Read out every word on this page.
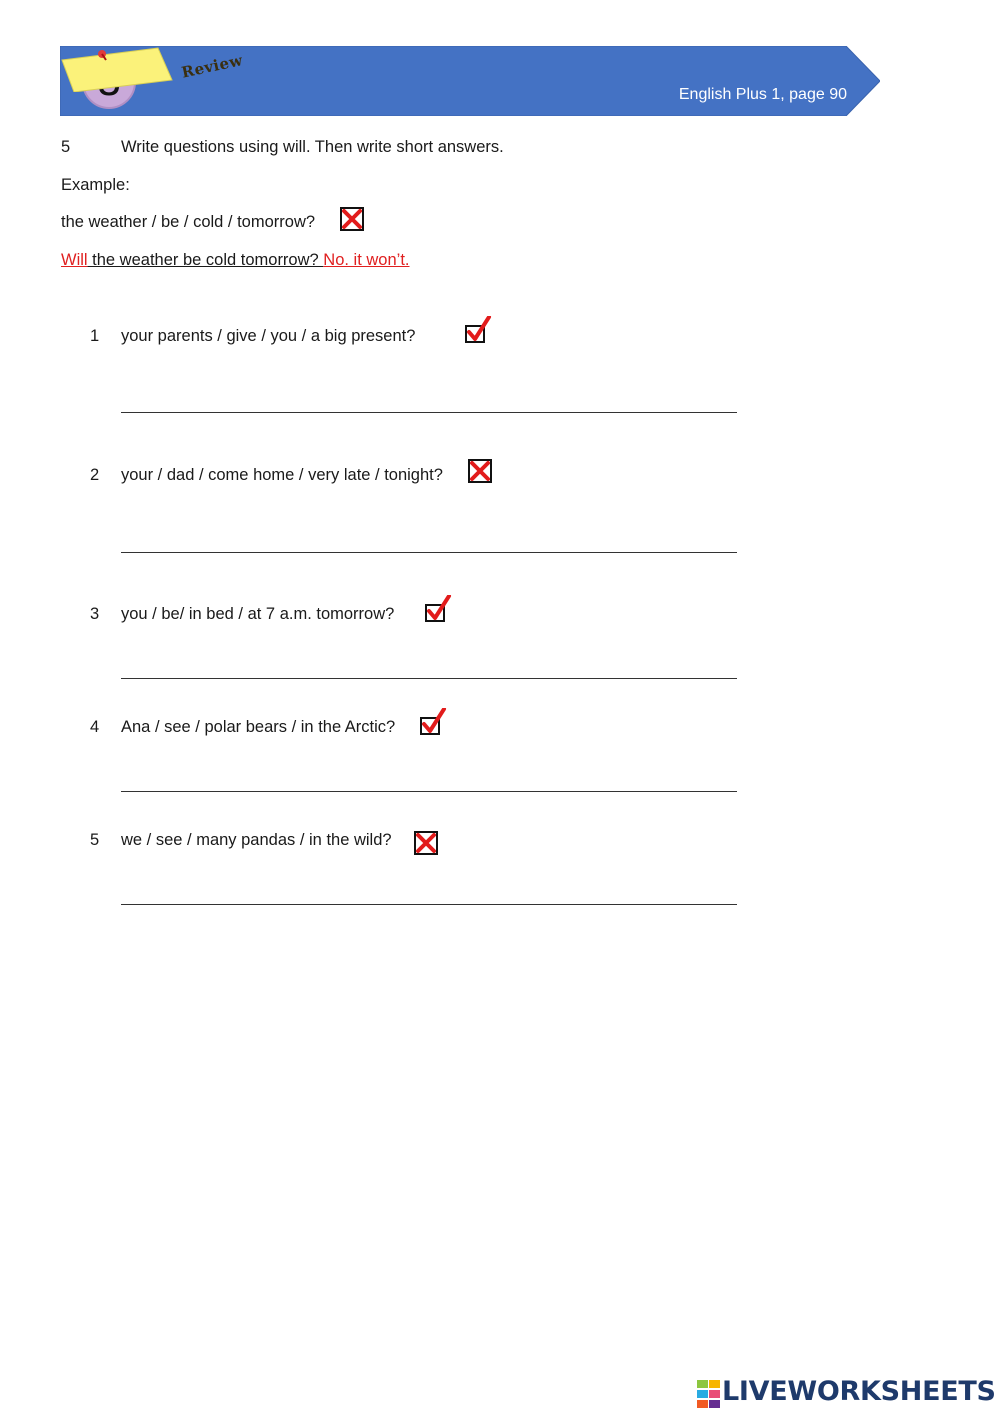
Review
English Plus 1, page 90
5	Write questions using will. Then write short answers.
Example:
the weather / be / cold / tomorrow?
Will the weather be cold tomorrow? No. it won’t.
1 your parents / give / you / a big present?
2 your / dad / come home / very late / tonight?
3 you / be/ in bed / at 7 a.m. tomorrow?
4 Ana / see / polar bears / in the Arctic?
5 we / see / many pandas / in the wild?
LIVEWORKSHEETS
